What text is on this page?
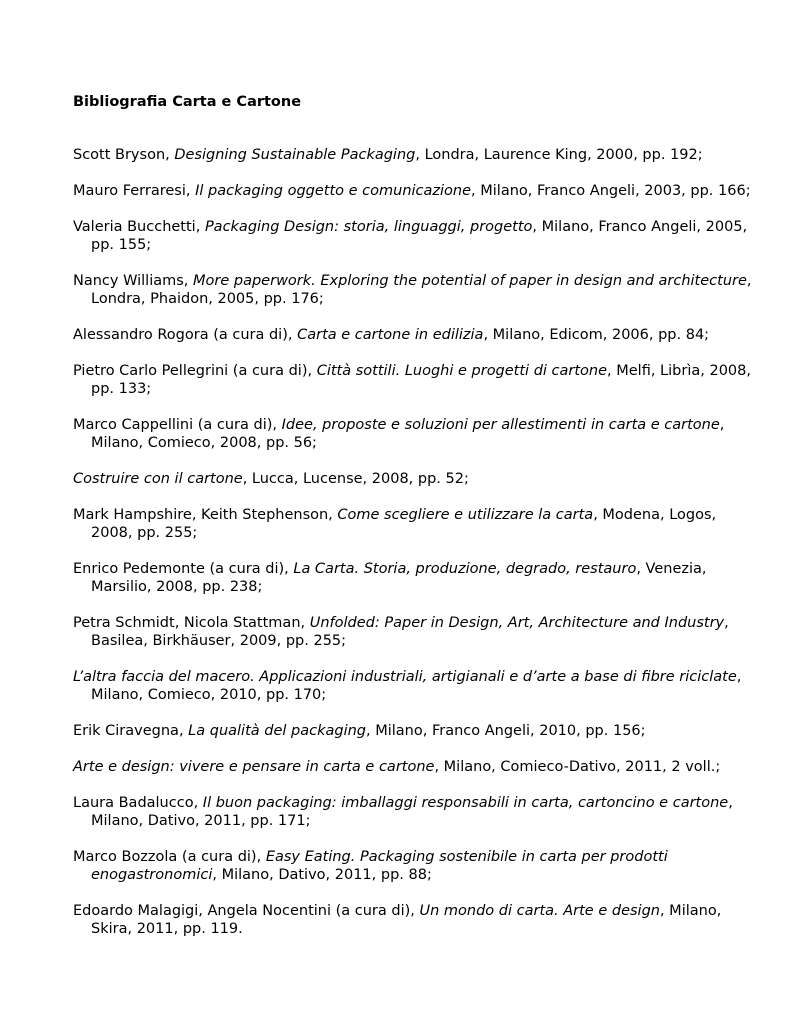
Bibliografia Carta e Cartone
Scott Bryson, Designing Sustainable Packaging, Londra, Laurence King, 2000, pp. 192;
Mauro Ferraresi, Il packaging oggetto e comunicazione, Milano, Franco Angeli, 2003, pp. 166;
Valeria Bucchetti, Packaging Design: storia, linguaggi, progetto, Milano, Franco Angeli, 2005, pp. 155;
Nancy Williams, More paperwork. Exploring the potential of paper in design and architecture, Londra, Phaidon, 2005, pp. 176;
Alessandro Rogora (a cura di), Carta e cartone in edilizia, Milano, Edicom, 2006, pp. 84;
Pietro Carlo Pellegrini (a cura di), Città sottili. Luoghi e progetti di cartone, Melfi, Librìa, 2008, pp. 133;
Marco Cappellini (a cura di), Idee, proposte e soluzioni per allestimenti in carta e cartone, Milano, Comieco, 2008, pp. 56;
Costruire con il cartone, Lucca, Lucense, 2008, pp. 52;
Mark Hampshire, Keith Stephenson, Come scegliere e utilizzare la carta, Modena, Logos, 2008, pp. 255;
Enrico Pedemonte (a cura di), La Carta. Storia, produzione, degrado, restauro, Venezia, Marsilio, 2008, pp. 238;
Petra Schmidt, Nicola Stattman, Unfolded: Paper in Design, Art, Architecture and Industry, Basilea, Birkhäuser, 2009, pp. 255;
L’altra faccia del macero. Applicazioni industriali, artigianali e d’arte a base di fibre riciclate, Milano, Comieco, 2010, pp. 170;
Erik Ciravegna, La qualità del packaging, Milano, Franco Angeli, 2010, pp. 156;
Arte e design: vivere e pensare in carta e cartone, Milano, Comieco-Dativo, 2011, 2 voll.;
Laura Badalucco, Il buon packaging: imballaggi responsabili in carta, cartoncino e cartone, Milano, Dativo, 2011, pp. 171;
Marco Bozzola (a cura di), Easy Eating. Packaging sostenibile in carta per prodotti enogastronomici, Milano, Dativo, 2011, pp. 88;
Edoardo Malagigi, Angela Nocentini (a cura di), Un mondo di carta. Arte e design, Milano, Skira, 2011, pp. 119.
